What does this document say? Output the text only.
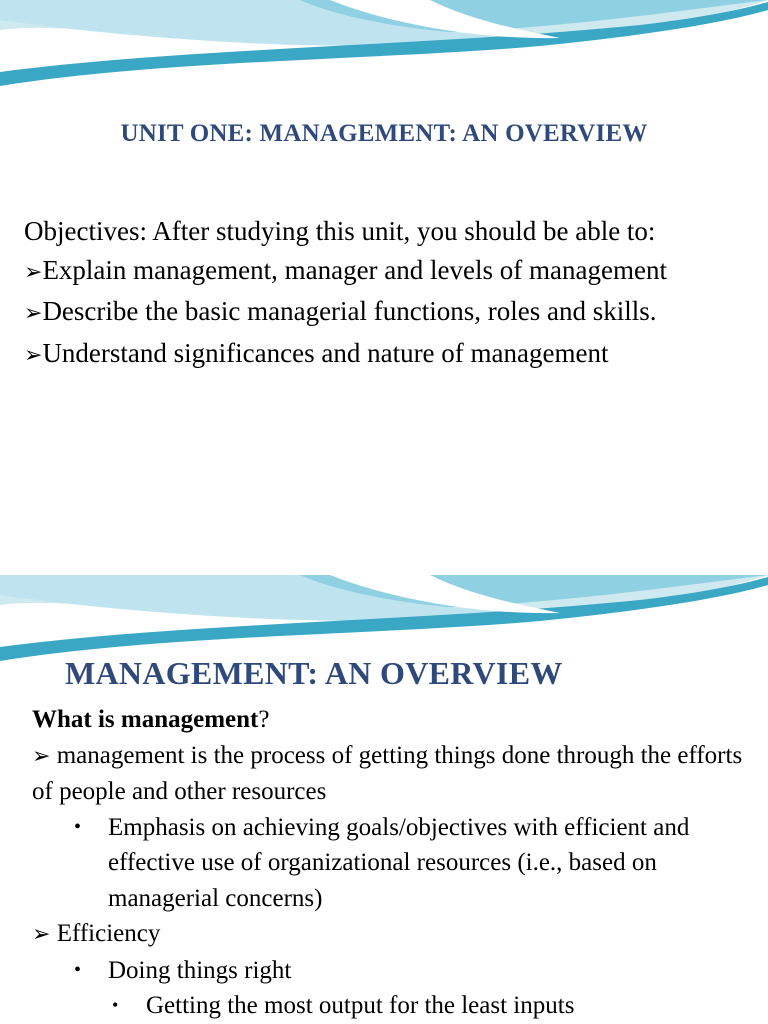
UNIT ONE: MANAGEMENT: AN OVERVIEW

Objectives: After studying this unit, you should be able to:

➢Explain management, manager and levels of management

➢Describe the basic managerial functions, roles and skills.

➢Understand significances and nature of management

MANAGEMENT: AN OVERVIEW

What is management?

➢ management is the process of getting things done through the efforts of people and other resources

•	Emphasis on achieving goals/objectives with efficient and effective use of organizational resources (i.e., based on managerial concerns)

➢ Efficiency

•	Doing things right
•	Getting the most output for the least inputs
